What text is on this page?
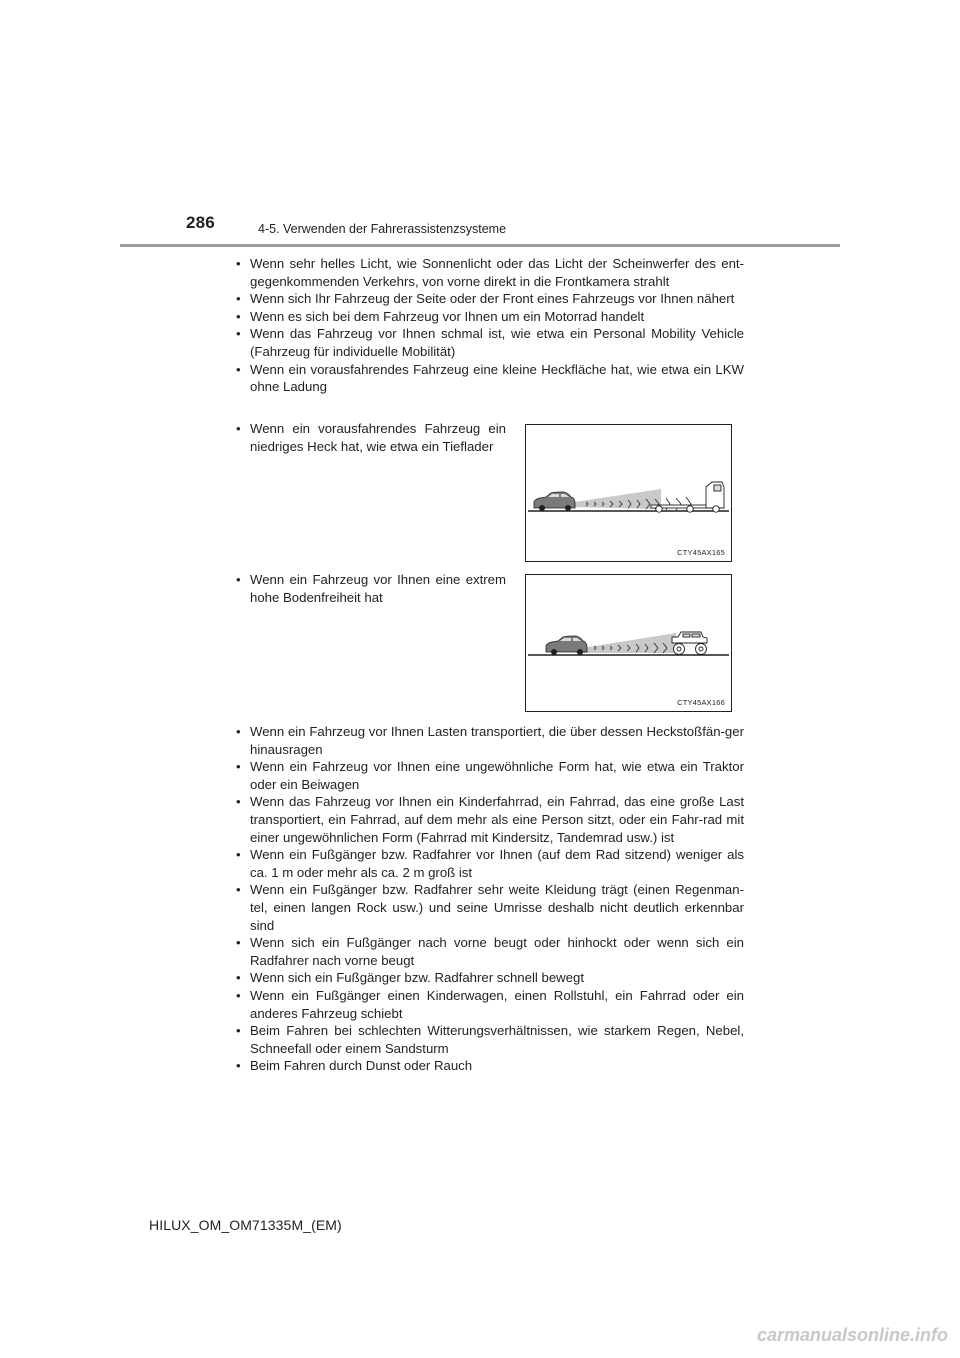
286	4-5. Verwenden der Fahrerassistenzsysteme
• Wenn sehr helles Licht, wie Sonnenlicht oder das Licht der Scheinwerfer des ent-gegenkommenden Verkehrs, von vorne direkt in die Frontkamera strahlt
• Wenn sich Ihr Fahrzeug der Seite oder der Front eines Fahrzeugs vor Ihnen nähert
• Wenn es sich bei dem Fahrzeug vor Ihnen um ein Motorrad handelt
• Wenn das Fahrzeug vor Ihnen schmal ist, wie etwa ein Personal Mobility Vehicle (Fahrzeug für individuelle Mobilität)
• Wenn ein vorausfahrendes Fahrzeug eine kleine Heckfläche hat, wie etwa ein LKW ohne Ladung
• Wenn ein vorausfahrendes Fahrzeug ein niedriges Heck hat, wie etwa ein Tieflader
CTY45AX165
• Wenn ein Fahrzeug vor Ihnen eine extrem hohe Bodenfreiheit hat
CTY45AX166
• Wenn ein Fahrzeug vor Ihnen Lasten transportiert, die über dessen Heckstoßfän-ger hinausragen
• Wenn ein Fahrzeug vor Ihnen eine ungewöhnliche Form hat, wie etwa ein Traktor oder ein Beiwagen
• Wenn das Fahrzeug vor Ihnen ein Kinderfahrrad, ein Fahrrad, das eine große Last transportiert, ein Fahrrad, auf dem mehr als eine Person sitzt, oder ein Fahr-rad mit einer ungewöhnlichen Form (Fahrrad mit Kindersitz, Tandemrad usw.) ist
• Wenn ein Fußgänger bzw. Radfahrer vor Ihnen (auf dem Rad sitzend) weniger als ca. 1 m oder mehr als ca. 2 m groß ist
• Wenn ein Fußgänger bzw. Radfahrer sehr weite Kleidung trägt (einen Regenman-tel, einen langen Rock usw.) und seine Umrisse deshalb nicht deutlich erkennbar sind
• Wenn sich ein Fußgänger nach vorne beugt oder hinhockt oder wenn sich ein Radfahrer nach vorne beugt
• Wenn sich ein Fußgänger bzw. Radfahrer schnell bewegt
• Wenn ein Fußgänger einen Kinderwagen, einen Rollstuhl, ein Fahrrad oder ein anderes Fahrzeug schiebt
• Beim Fahren bei schlechten Witterungsverhältnissen, wie starkem Regen, Nebel, Schneefall oder einem Sandsturm
• Beim Fahren durch Dunst oder Rauch
HILUX_OM_OM71335M_(EM)
carmanualsonline.info
